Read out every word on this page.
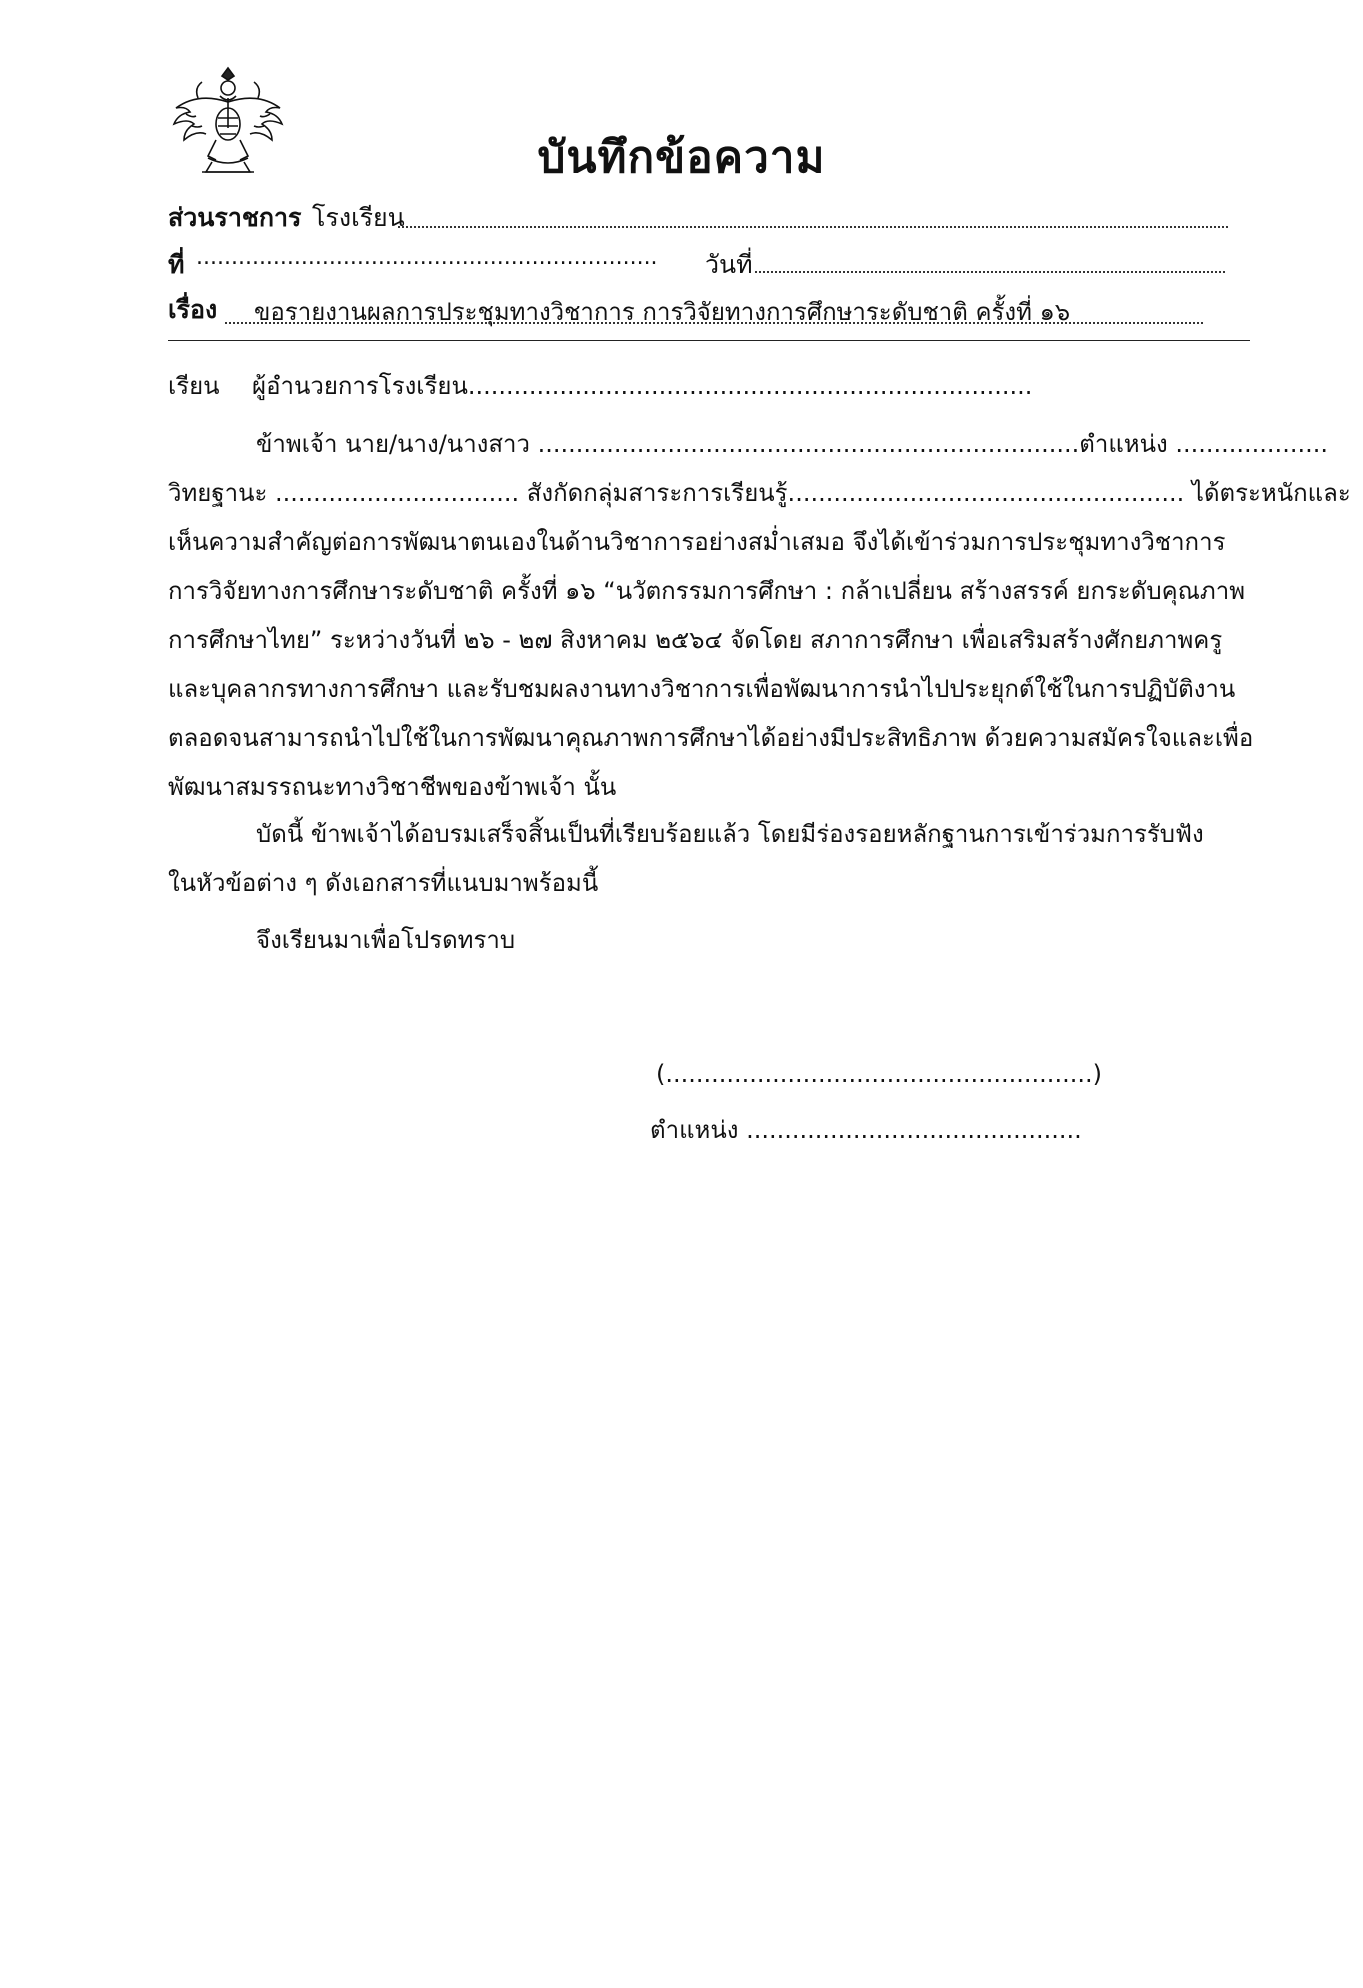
บันทึกข้อความ
ส่วนราชการ โรงเรียน
ที่ .................................................................. วันที่
เรื่อง ขอรายงานผลการประชุมทางวิชาการ การวิจัยทางการศึกษาระดับชาติ ครั้งที่ ๑๖
เรียน ผู้อำนวยการโรงเรียน..........................................................................
ข้าพเจ้า นาย/นาง/นางสาว .......................................................................ตำแหน่ง ....................
วิทยฐานะ ................................ สังกัดกลุ่มสาระการเรียนรู้.................................................... ได้ตระหนักและ
เห็นความสำคัญต่อการพัฒนาตนเองในด้านวิชาการอย่างสม่ำเสมอ จึงได้เข้าร่วมการประชุมทางวิชาการ
การวิจัยทางการศึกษาระดับชาติ ครั้งที่ ๑๖ “นวัตกรรมการศึกษา : กล้าเปลี่ยน สร้างสรรค์ ยกระดับคุณภาพ
การศึกษาไทย” ระหว่างวันที่ ๒๖ - ๒๗ สิงหาคม ๒๕๖๔ จัดโดย สภาการศึกษา เพื่อเสริมสร้างศักยภาพครู
และบุคลากรทางการศึกษา และรับชมผลงานทางวิชาการเพื่อพัฒนาการนำไปประยุกต์ใช้ในการปฏิบัติงาน
ตลอดจนสามารถนำไปใช้ในการพัฒนาคุณภาพการศึกษาได้อย่างมีประสิทธิภาพ ด้วยความสมัครใจและเพื่อ
พัฒนาสมรรถนะทางวิชาชีพของข้าพเจ้า นั้น
บัดนี้ ข้าพเจ้าได้อบรมเสร็จสิ้นเป็นที่เรียบร้อยแล้ว โดยมีร่องรอยหลักฐานการเข้าร่วมการรับฟัง
ในหัวข้อต่าง ๆ ดังเอกสารที่แนบมาพร้อมนี้
จึงเรียนมาเพื่อโปรดทราบ
(........................................................)
ตำแหน่ง ............................................
